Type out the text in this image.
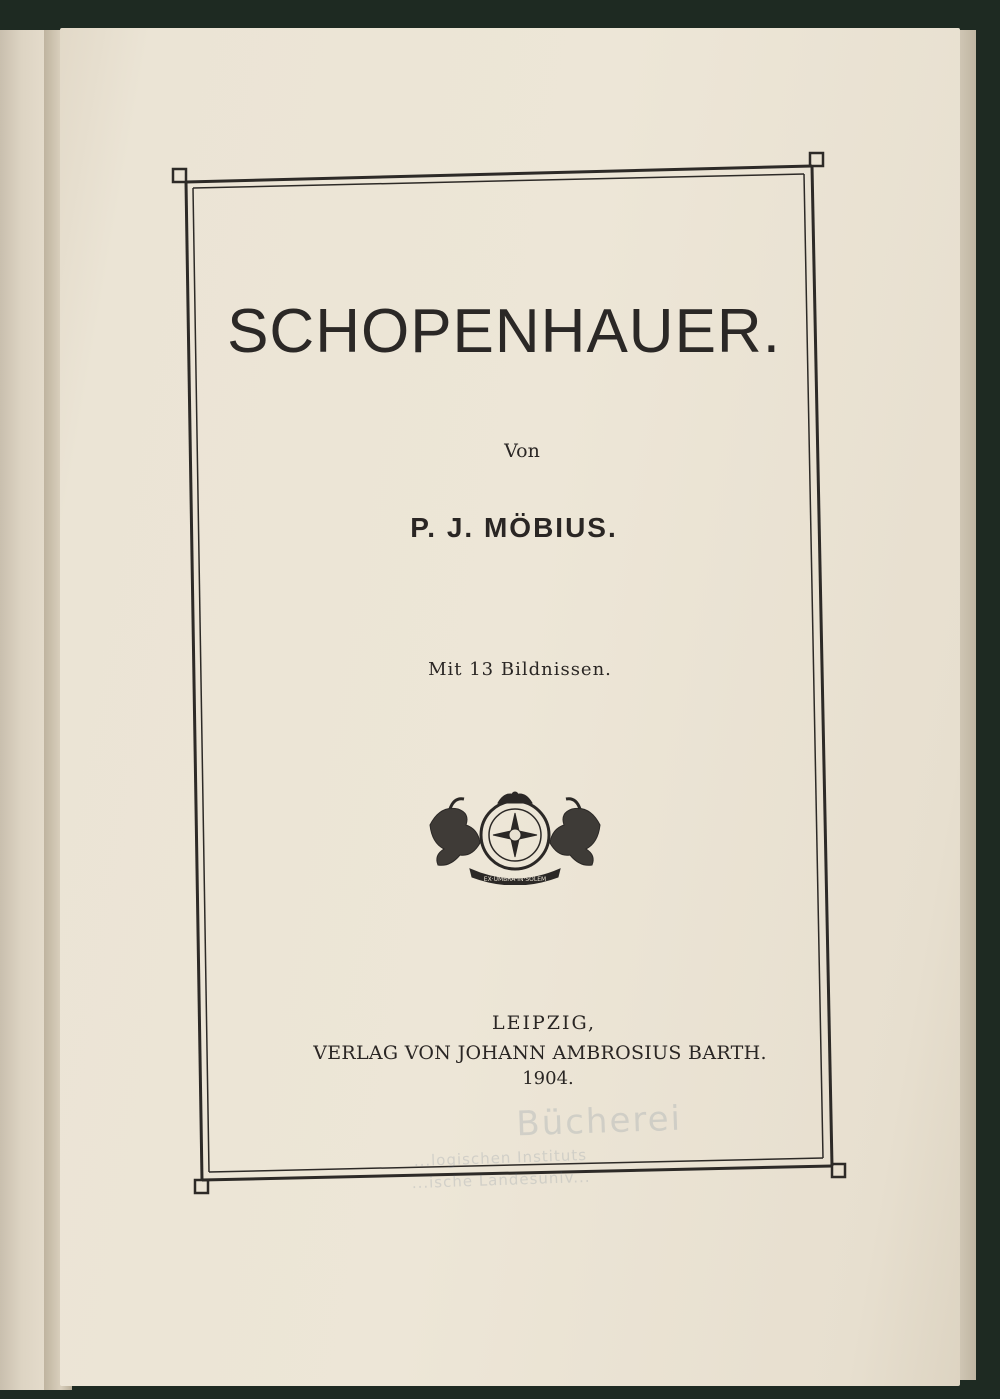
SCHOPENHAUER.
Von
P. J. MÖBIUS.
Mit 13 Bildnissen.
EX·UMBRA·IN·SOLEM
LEIPZIG,
VERLAG VON JOHANN AMBROSIUS BARTH.
1904.
Bücherei
...logischen Instituts
...ische Landesuniv...
